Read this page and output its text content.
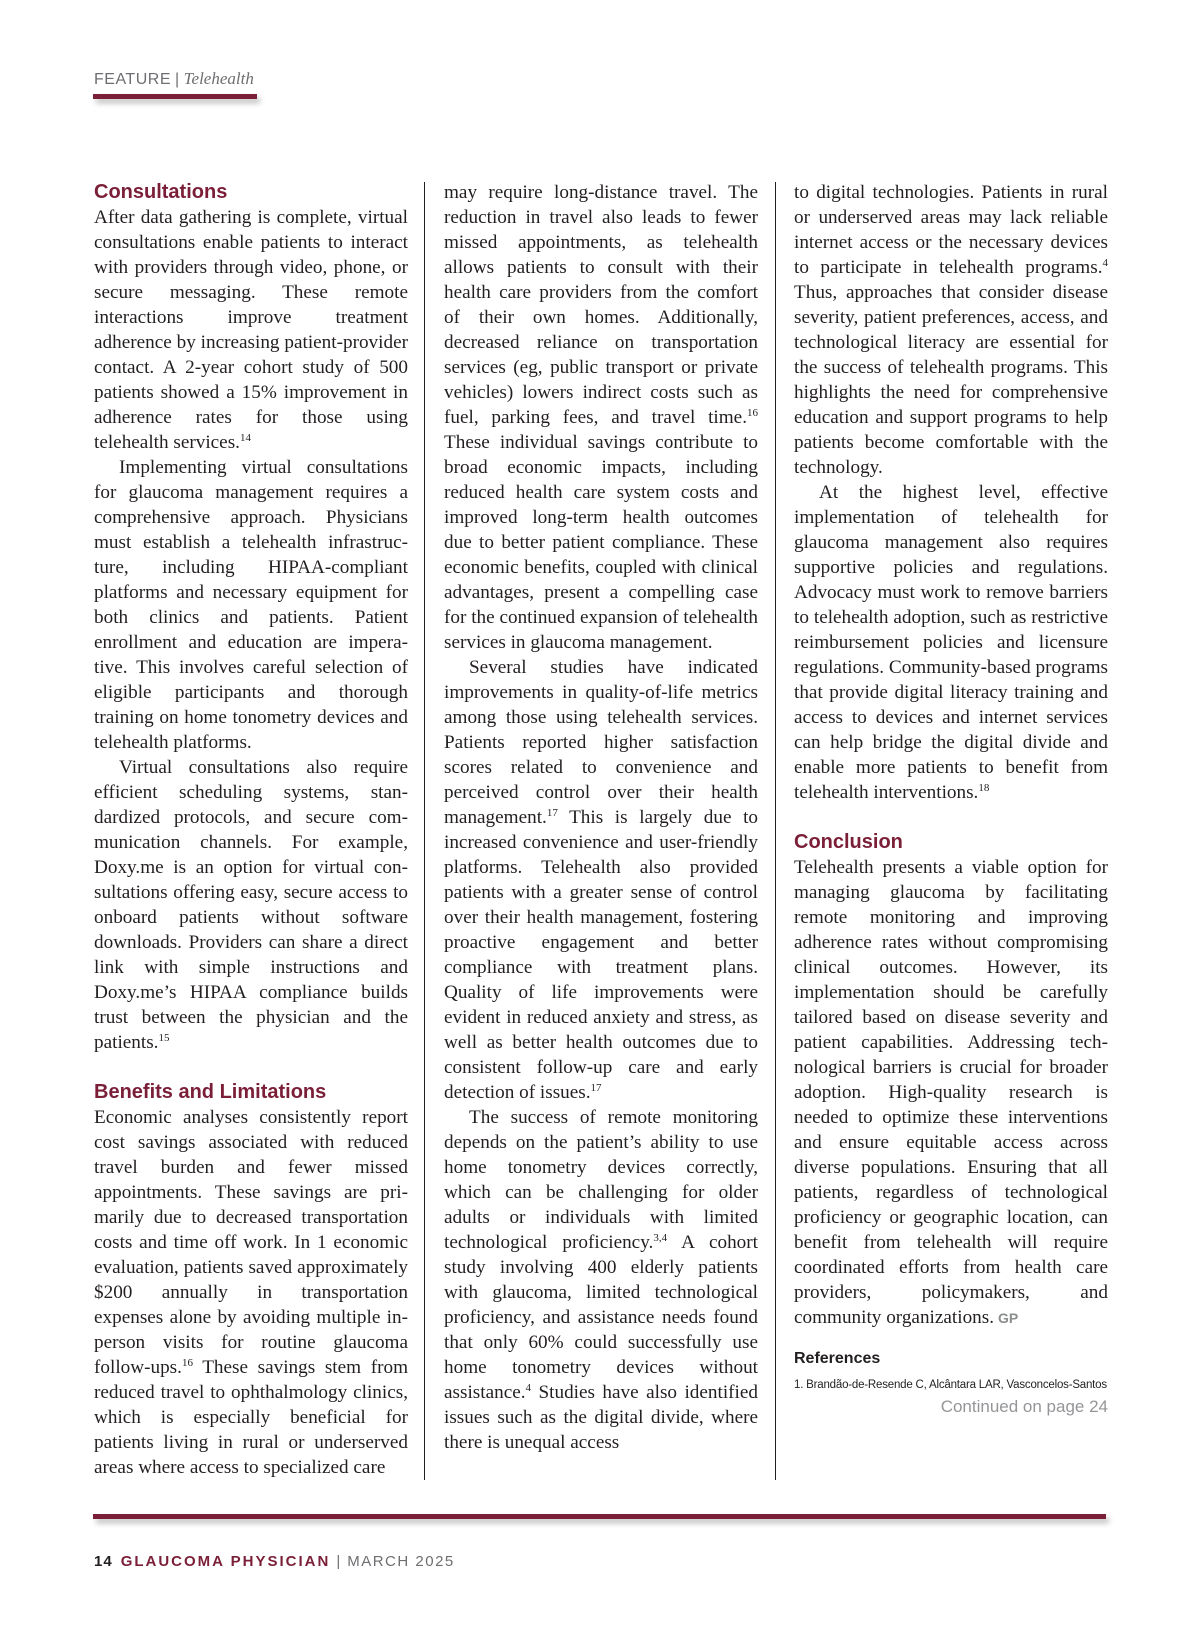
FEATURE | Telehealth
Consultations

After data gathering is complete, virtual consultations enable patients to interact with providers through video, phone, or secure messaging. These remote interactions improve treatment adherence by increasing patient-provider contact. A 2-year cohort study of 500 patients showed a 15% improvement in adherence rates for those using telehealth services.$^{14}$

Implementing virtual consultations for glaucoma management requires a comprehensive approach. Physicians must establish a telehealth infrastructure, including HIPAA-compliant platforms and necessary equipment for both clinics and patients. Patient enrollment and education are imperative. This involves careful selection of eligible participants and thorough training on home tonometry devices and telehealth platforms.

Virtual consultations also require efficient scheduling systems, standardized protocols, and secure communication channels. For example, Doxy.me is an option for virtual consultations offering easy, secure access to onboard patients without software downloads. Providers can share a direct link with simple instructions and Doxy.me’s HIPAA compliance builds trust between the physician and the patients.$^{15}$

Benefits and Limitations

Economic analyses consistently report cost savings associated with reduced travel burden and fewer missed appointments. These savings are primarily due to decreased transportation costs and time off work. In 1 economic evaluation, patients saved approximately $200 annually in transportation expenses alone by avoiding multiple in-person visits for routine glaucoma follow-ups.$^{16}$ These savings stem from reduced travel to ophthalmology clinics, which is especially beneficial for patients living in rural or underserved areas where access to specialized care

may require long-distance travel. The reduction in travel also leads to fewer missed appointments, as telehealth allows patients to consult with their health care providers from the comfort of their own homes. Additionally, decreased reliance on transportation services (eg, public transport or private vehicles) lowers indirect costs such as fuel, parking fees, and travel time.$^{16}$ These individual savings contribute to broad economic impacts, including reduced health care system costs and improved long-term health outcomes due to better patient compliance. These economic benefits, coupled with clinical advantages, present a compelling case for the continued expansion of telehealth services in glaucoma management.

Several studies have indicated improvements in quality-of-life metrics among those using telehealth services. Patients reported higher satisfaction scores related to convenience and perceived control over their health management.$^{17}$ This is largely due to increased convenience and user-friendly platforms. Telehealth also provided patients with a greater sense of control over their health management, fostering proactive engagement and better compliance with treatment plans. Quality of life improvements were evident in reduced anxiety and stress, as well as better health outcomes due to consistent follow-up care and early detection of issues.$^{17}$

The success of remote monitoring depends on the patient’s ability to use home tonometry devices correctly, which can be challenging for older adults or individuals with limited technological proficiency.$^{3,4}$ A cohort study involving 400 elderly patients with glaucoma, limited technological proficiency, and assistance needs found that only 60% could successfully use home tonometry devices without assistance.$^4$ Studies have also identified issues such as the digital divide, where there is unequal access

to digital technologies. Patients in rural or underserved areas may lack reliable internet access or the necessary devices to participate in telehealth programs.$^4$ Thus, approaches that consider disease severity, patient preferences, access, and technological literacy are essential for the success of telehealth programs. This highlights the need for comprehensive education and support programs to help patients become comfortable with the technology.

At the highest level, effective implementation of telehealth for glaucoma management also requires supportive policies and regulations. Advocacy must work to remove barriers to telehealth adoption, such as restrictive reimbursement policies and licensure regulations. Community-based programs that provide digital literacy training and access to devices and internet services can help bridge the digital divide and enable more patients to benefit from telehealth interventions.$^{18}$

Conclusion

Telehealth presents a viable option for managing glaucoma by facilitating remote monitoring and improving adherence rates without compromising clinical outcomes. However, its implementation should be carefully tailored based on disease severity and patient capabilities. Addressing technological barriers is crucial for broader adoption. High-quality research is needed to optimize these interventions and ensure equitable access across diverse populations. Ensuring that all patients, regardless of technological proficiency or geographic location, can benefit from telehealth will require coordinated efforts from health care providers, policymakers, and community organizations. GP

References
1. Brandão-de-Resende C, Alcântara LAR, Vasconcelos-Santos
Continued on page 24
14 GLAUCOMA PHYSICIAN | MARCH 2025
